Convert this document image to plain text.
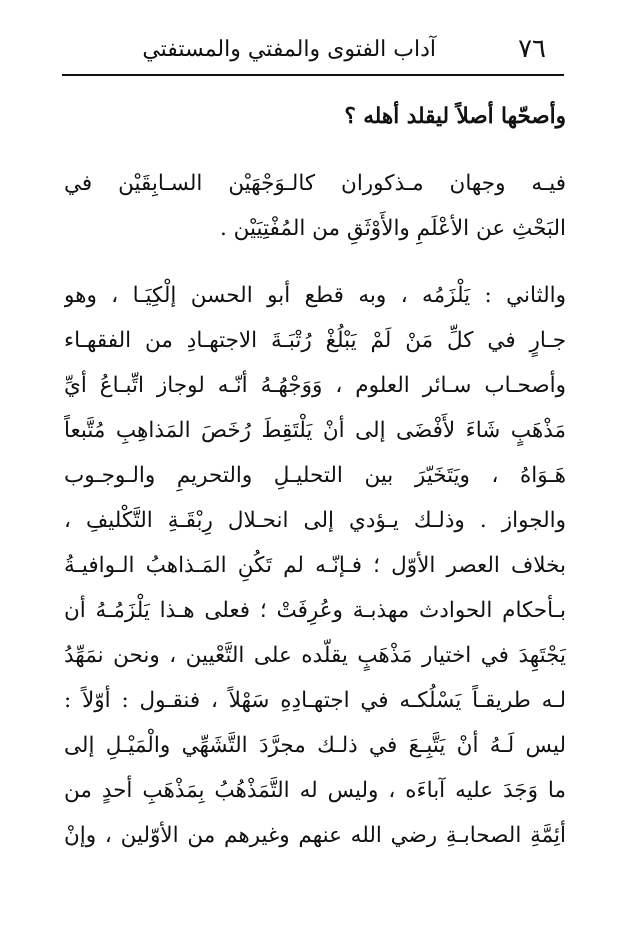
٧٦
آداب الفتوى والمفتي والمستفتي
وأصحّها أصلاً ليقلد أهله ؟
فيـه وجهان مـذكوران كالـوَجْهَيْن السـابِقَيْن في
البَحْثِ عن الأعْلَمِ والأَوْثَقِ من المُفْتِيَيْن .
والثاني : يَلْزَمُه ، وبه قطع أبو الحسن إلْكِيَـا ، وهو
جـارٍ في كلِّ مَنْ لَمْ يَبْلُغْ رُتْبَـةَ الاجتهـادِ من الفقهـاء
وأصحـاب سـائر العلوم ، وَوَجْهُـهُ أنّـه لوجاز اتِّبـاعُ أيِّ
مَذْهَبٍ شَاءَ لأَفْضَى إلى أنْ يَلْتَقِطَ رُخَصَ المَذاهِبِ مُتَّبعاً
هَـوَاهُ ، ويَتَخَيّرَ بين التحليـلِ والتحريمِ والـوجـوب
والجواز . وذلـك يـؤدي إلى انحـلال رِبْقَـةِ التَّكْليفِ ،
بخلاف العصر الأوّل ؛ فـإنّـه لم تَكُنِ المَـذاهبُ الـوافيـةُ
بـأحكام الحوادث مهذبـة وعُرِفَتْ ؛ فعلى هـذا يَلْزَمُـهُ أن
يَجْتَهِدَ في اختيار مَذْهَبٍ يقلّده على التَّعْيين ، ونحن نمَهِّدُ
لـه طريقـاً يَسْلُكـه في اجتهـادِهِ سَهْلاً ، فنقـول : أوّلاً :
ليس لَـهُ أنْ يَتَّبِـعَ في ذلـك مجرَّدَ التَّشَهِّي والْمَيْـلِ إلى
ما وَجَدَ عليه آباءَه ، وليس له التَّمَذْهُبُ بِمَذْهَبِ أحدٍ من
أئِمَّةِ الصحابـةِ رضي الله عنهم وغيرهم من الأوّلين ، وإنْ
